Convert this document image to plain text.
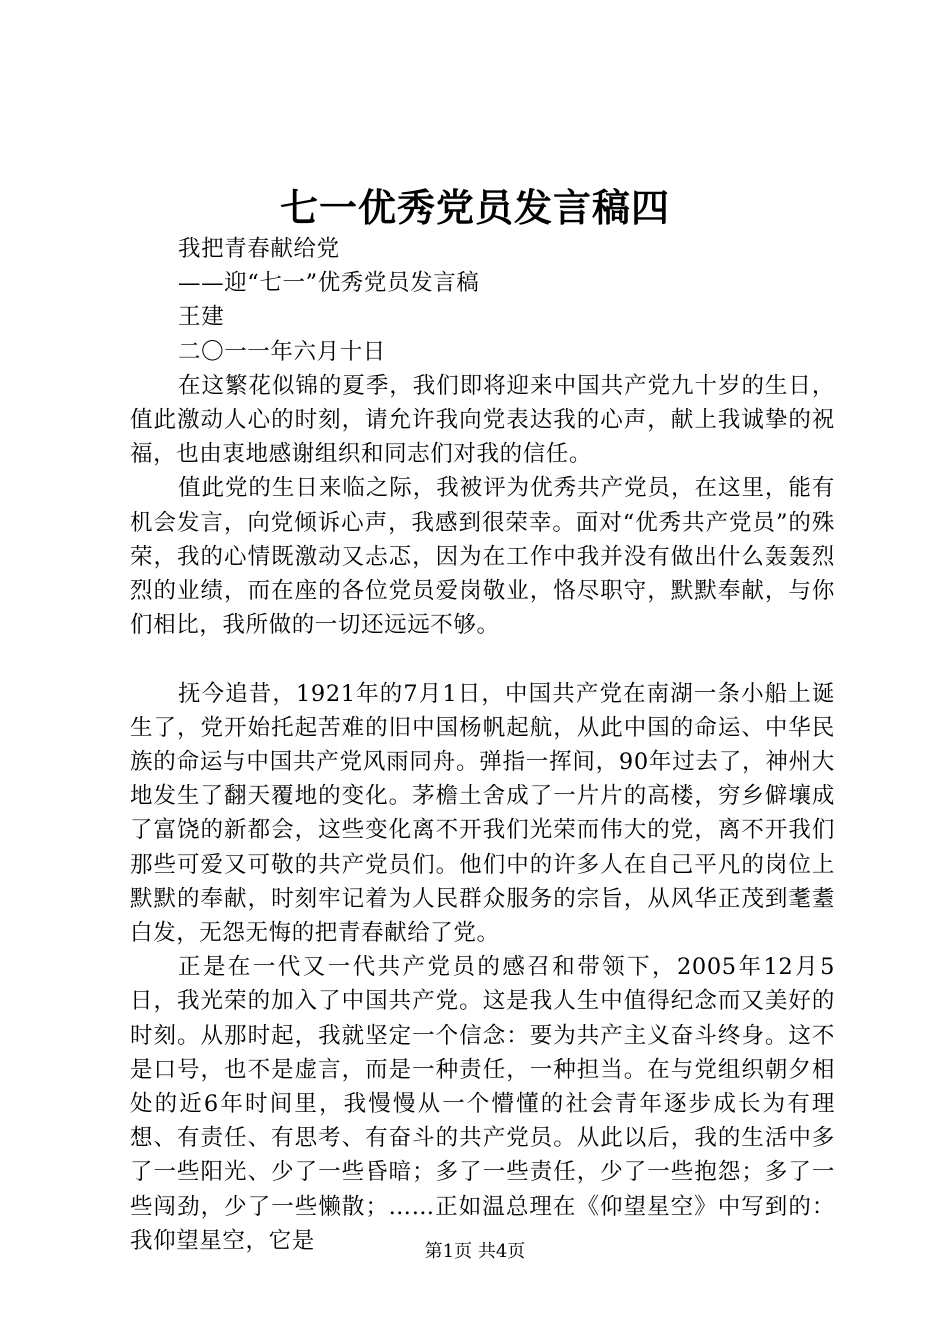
七一优秀党员发言稿四
我把青春献给党
——迎“七一”优秀党员发言稿
王建
二〇一一年六月十日

在这繁花似锦的夏季，我们即将迎来中国共产党九十岁的生日，值此激动人心的时刻，请允许我向党表达我的心声，献上我诚挚的祝福，也由衷地感谢组织和同志们对我的信任。

值此党的生日来临之际，我被评为优秀共产党员，在这里，能有机会发言，向党倾诉心声，我感到很荣幸。面对“优秀共产党员”的殊荣，我的心情既激动又忐忑，因为在工作中我并没有做出什么轰轰烈烈的业绩，而在座的各位党员爱岗敬业，恪尽职守，默默奉献，与你们相比，我所做的一切还远远不够。

抚今追昔，1921年的7月1日，中国共产党在南湖一条小船上诞生了，党开始托起苦难的旧中国杨帆起航，从此中国的命运、中华民族的命运与中国共产党风雨同舟。弹指一挥间，90年过去了，神州大地发生了翻天覆地的变化。茅檐土舍成了一片片的高楼，穷乡僻壤成了富饶的新都会，这些变化离不开我们光荣而伟大的党，离不开我们那些可爱又可敬的共产党员们。他们中的许多人在自己平凡的岗位上默默的奉献，时刻牢记着为人民群众服务的宗旨，从风华正茂到耄耋白发，无怨无悔的把青春献给了党。

正是在一代又一代共产党员的感召和带领下，2005年12月5日，我光荣的加入了中国共产党。这是我人生中值得纪念而又美好的时刻。从那时起，我就坚定一个信念：要为共产主义奋斗终身。这不是口号，也不是虚言，而是一种责任，一种担当。在与党组织朝夕相处的近6年时间里，我慢慢从一个懵懂的社会青年逐步成长为有理想、有责任、有思考、有奋斗的共产党员。从此以后，我的生活中多了一些阳光、少了一些昏暗；多了一些责任，少了一些抱怨；多了一些闯劲，少了一些懒散；……正如温总理在《仰望星空》中写到的：我仰望星空，它是	第1页 共4页
